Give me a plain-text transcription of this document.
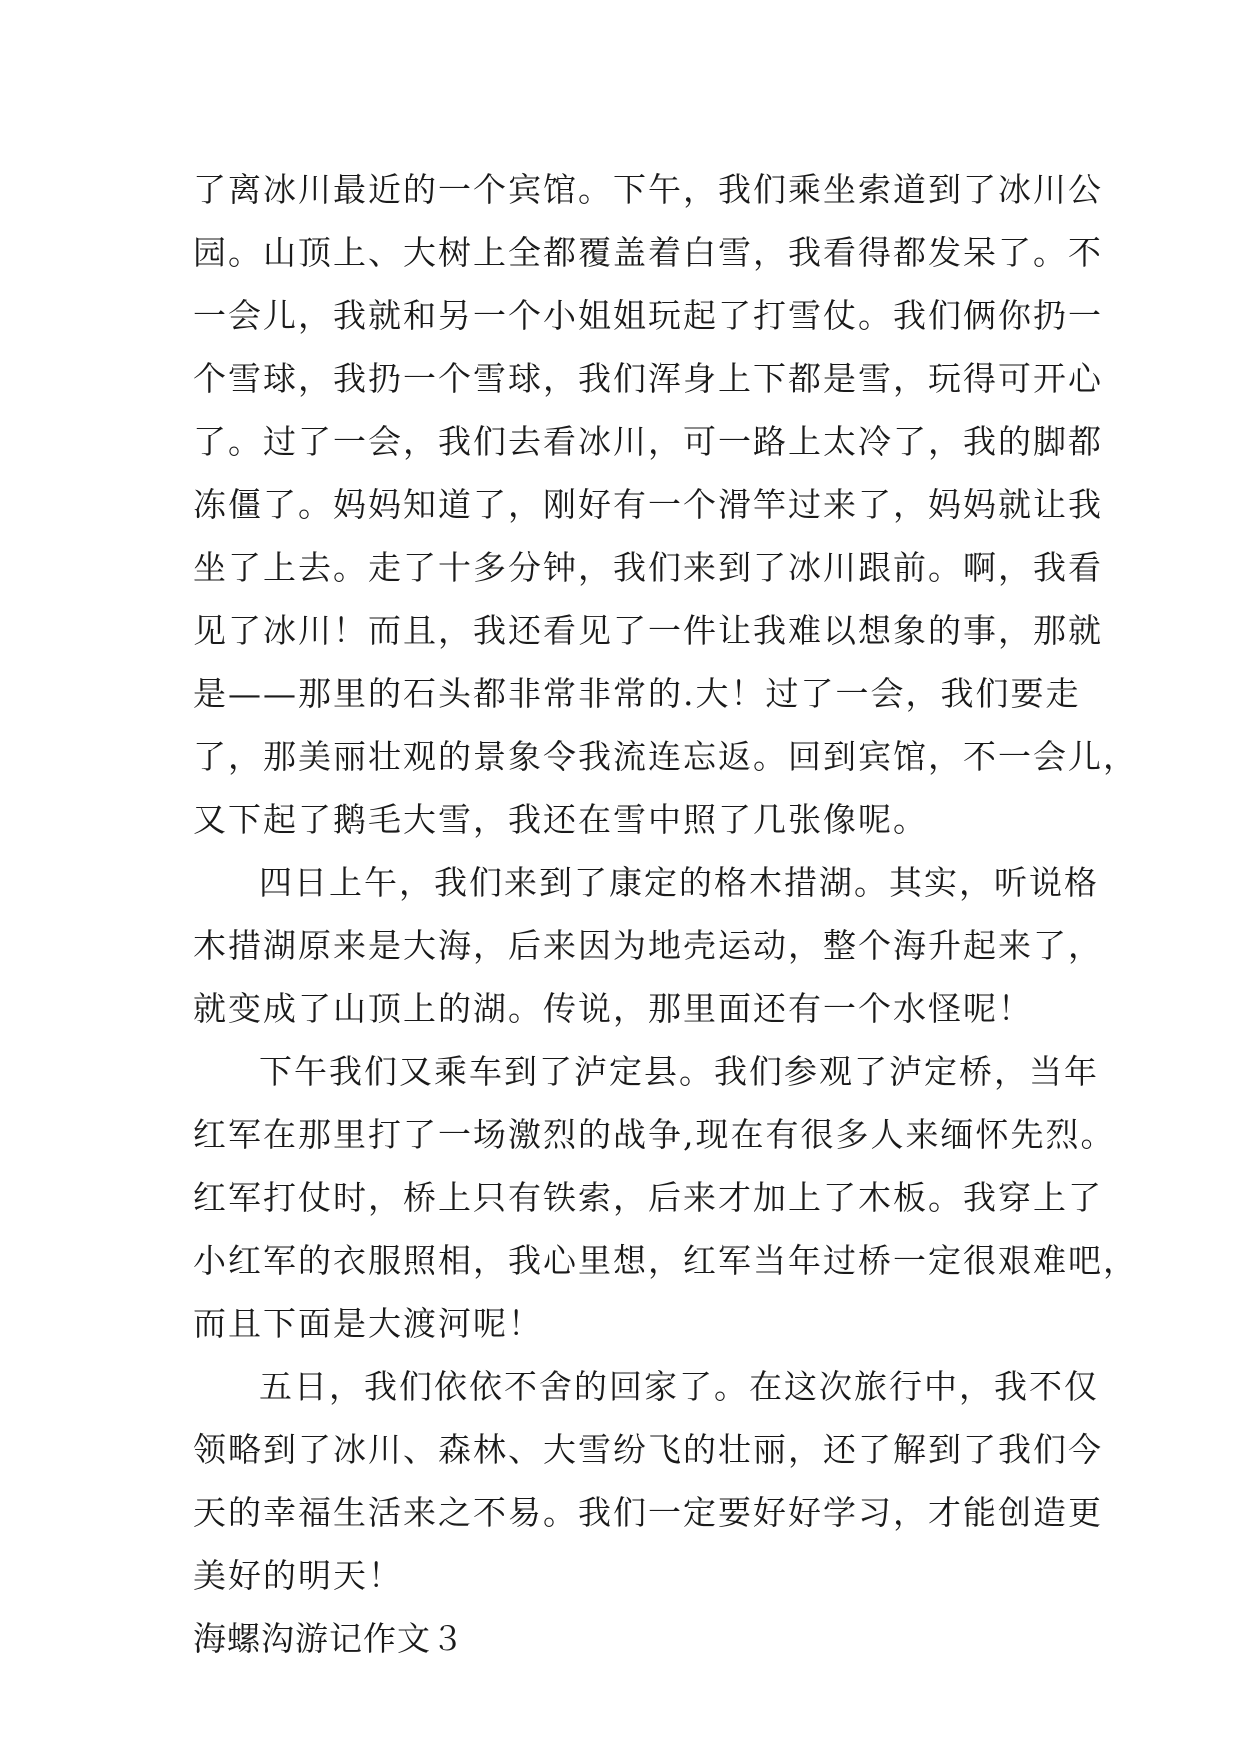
了离冰川最近的一个宾馆。下午，我们乘坐索道到了冰川公
园。山顶上、大树上全都覆盖着白雪，我看得都发呆了。不
一会儿，我就和另一个小姐姐玩起了打雪仗。我们俩你扔一
个雪球，我扔一个雪球，我们浑身上下都是雪，玩得可开心
了。过了一会，我们去看冰川，可一路上太冷了，我的脚都
冻僵了。妈妈知道了，刚好有一个滑竿过来了，妈妈就让我
坐了上去。走了十多分钟，我们来到了冰川跟前。啊，我看
见了冰川！而且，我还看见了一件让我难以想象的事，那就
是——那里的石头都非常非常的.大！过了一会，我们要走
了，那美丽壮观的景象令我流连忘返。回到宾馆，不一会儿，
又下起了鹅毛大雪，我还在雪中照了几张像呢。
四日上午，我们来到了康定的格木措湖。其实，听说格
木措湖原来是大海，后来因为地壳运动，整个海升起来了，
就变成了山顶上的湖。传说，那里面还有一个水怪呢！
下午我们又乘车到了泸定县。我们参观了泸定桥，当年
红军在那里打了一场激烈的战争,现在有很多人来缅怀先烈。
红军打仗时，桥上只有铁索，后来才加上了木板。我穿上了
小红军的衣服照相，我心里想，红军当年过桥一定很艰难吧，
而且下面是大渡河呢！
五日，我们依依不舍的回家了。在这次旅行中，我不仅
领略到了冰川、森林、大雪纷飞的壮丽，还了解到了我们今
天的幸福生活来之不易。我们一定要好好学习，才能创造更
美好的明天！
海螺沟游记作文３
